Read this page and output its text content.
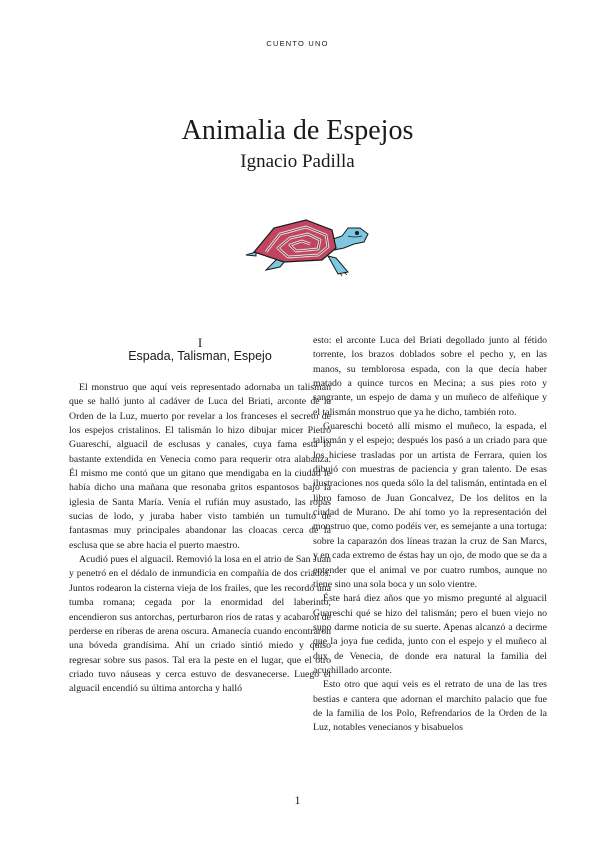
CUENTO UNO
Animalia de Espejos
Ignacio Padilla
I
Espada, Talisman, Espejo

El monstruo que aquí veis representado adornaba un talismán que se halló junto al cadáver de Luca del Briati, arconte de la Orden de la Luz, muerto por revelar a los franceses el secreto de los espejos cristalinos. El talismán lo hizo dibujar micer Pietro Guareschi, alguacil de esclusas y canales, cuya fama está lo bastante extendida en Venecia como para requerir otra alabanza. Él mismo me contó que un gitano que mendigaba en la ciudad le había dicho una mañana que resonaba gritos espantosos bajo la iglesia de Santa María. Venía el rufián muy asustado, las ropas sucias de lodo, y juraba haber visto también un tumulto de fantasmas muy principales abandonar las cloacas cerca de la esclusa que se abre hacia el puerto maestro.

Acudió pues el alguacil. Removió la losa en el atrio de San Juan y penetró en el dédalo de inmundicia en compañía de dos criados. Juntos rodearon la cisterna vieja de los frailes, que les recordó una tumba romana; cegada por la enormidad del laberinto, encendieron sus antorchas, perturbaron ríos de ratas y acabaron de perderse en riberas de arena oscura. Amanecía cuando encontraron una bóveda grandísima. Ahí un criado sintió miedo y quiso regresar sobre sus pasos. Tal era la peste en el lugar, que el otro criado tuvo náuseas y cerca estuvo de desvanecerse. Luego el alguacil encendió su última antorcha y halló

esto: el arconte Luca del Briati degollado junto al fétido torrente, los brazos doblados sobre el pecho y, en las manos, su temblorosa espada, con la que decía haber matado a quince turcos en Mecina; a sus pies roto y sangrante, un espejo de dama y un muñeco de alfeñique y el talismán monstruo que ya he dicho, también roto.

Guareschi bocetó allí mismo el muñeco, la espada, el talismán y el espejo; después los pasó a un criado para que los hiciese trasladas por un artista de Ferrara, quien los dibujó con muestras de paciencia y gran talento. De esas ilustraciones nos queda sólo la del talismán, entintada en el libro famoso de Juan Goncalvez, De los delitos en la ciudad de Murano. De ahí tomo yo la representación del monstruo que, como podéis ver, es semejante a una tortuga: sobre la caparazón dos líneas trazan la cruz de San Marcs, y en cada extremo de éstas hay un ojo, de modo que se da a entender que el animal ve por cuatro rumbos, aunque no tiene sino una sola boca y un solo vientre.

Éste hará diez años que yo mismo pregunté al alguacil Guareschi qué se hizo del talismán; pero el buen viejo no supo darme noticia de su suerte. Apenas alcanzó a decirme que la joya fue cedida, junto con el espejo y el muñeco al dux de Venecia, de donde era natural la familia del acuchillado arconte.

Esto otro que aquí veis es el retrato de una de las tres bestias e cantera que adornan el marchito palacio que fue de la familia de los Polo, Refrendarios de la Orden de la Luz, notables venecianos y bisabuelos

1
